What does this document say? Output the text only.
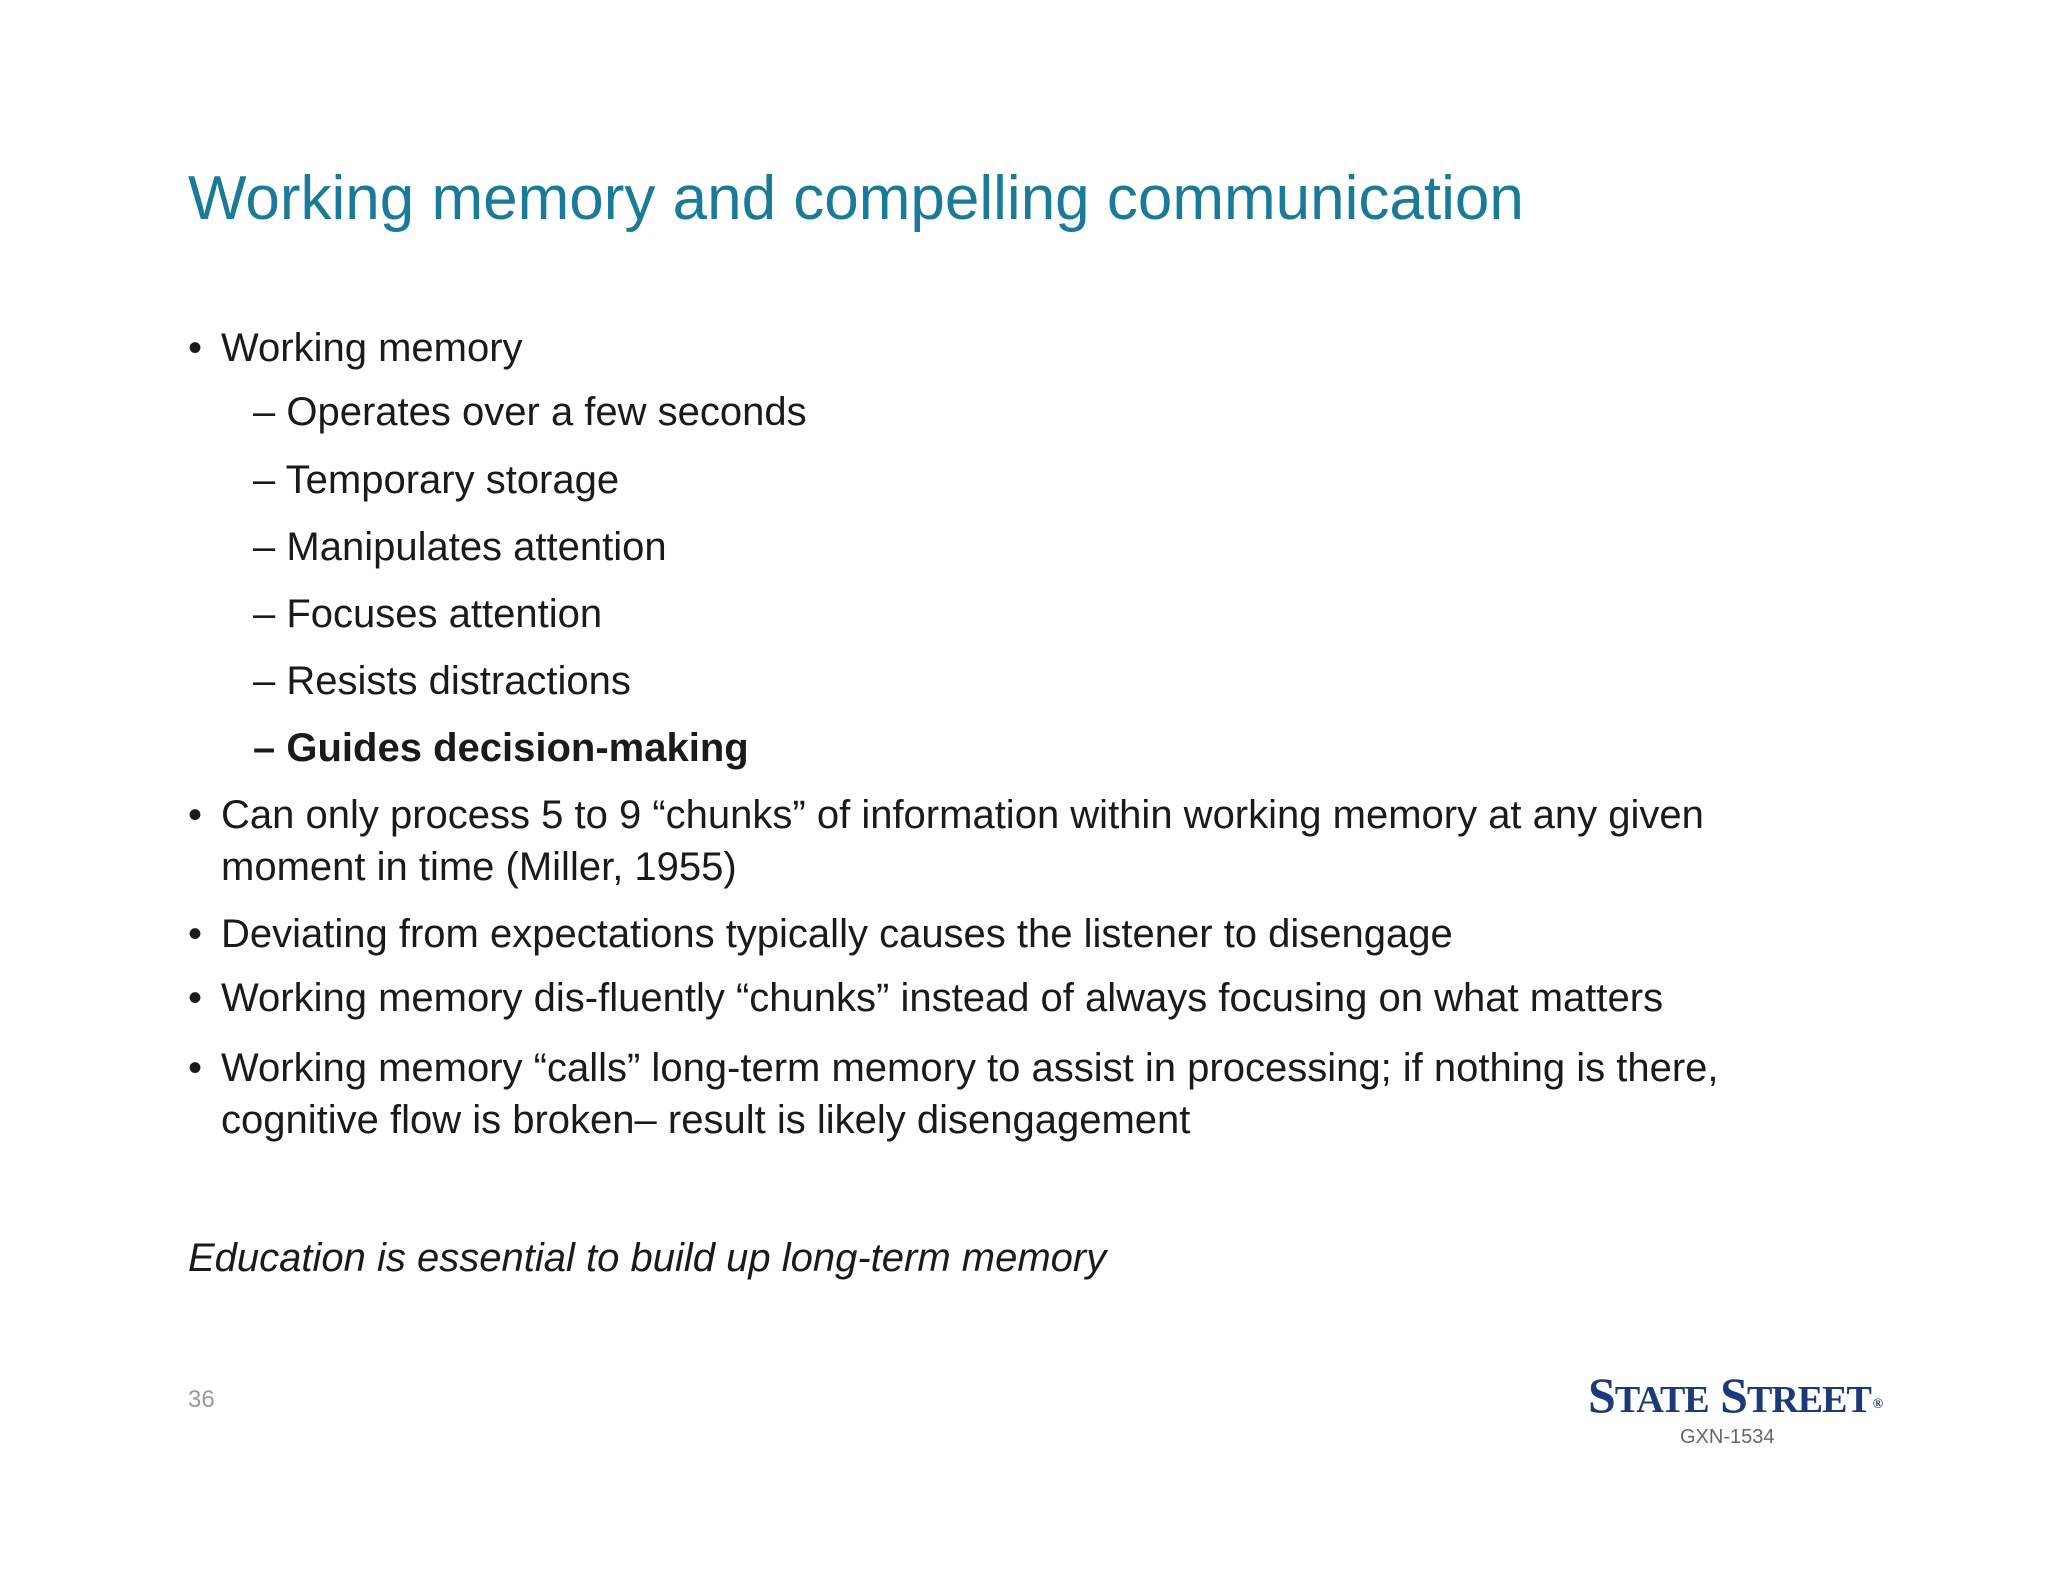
Working memory and compelling communication
• Working memory
– Operates over a few seconds
– Temporary storage
– Manipulates attention
– Focuses attention
– Resists distractions
– Guides decision-making
• Can only process 5 to 9 “chunks” of information within working memory at any given moment in time (Miller, 1955)
• Deviating from expectations typically causes the listener to disengage
• Working memory dis-fluently “chunks” instead of always focusing on what matters
• Working memory “calls” long-term memory to assist in processing; if nothing is there, cognitive flow is broken– result is likely disengagement
Education is essential to build up long-term memory
36	STATE STREET ®
GXN-1534
